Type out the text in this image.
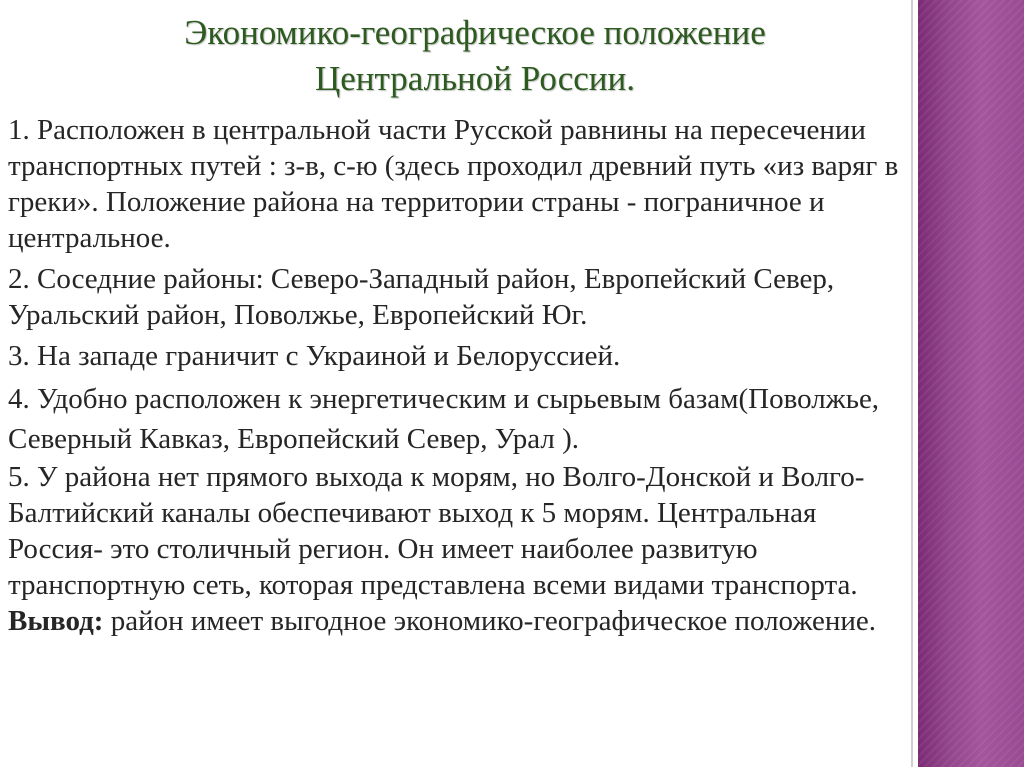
Экономико-географическое положение
Центральной России.

1. Расположен в центральной части Русской равнины на пересечении транспортных путей : з-в, с-ю (здесь проходил древний путь «из варяг в греки». Положение района на территории страны - пограничное и центральное.

2. Соседние районы: Северо-Западный район, Европейский Север, Уральский район, Поволжье, Европейский Юг.

3. На западе граничит с Украиной и Белоруссией.

4. Удобно расположен к энергетическим и сырьевым базам(Поволжье, Северный Кавказ, Европейский Север, Урал ).

5. У района нет прямого выхода к морям, но Волго-Донской и Волго-Балтийский каналы обеспечивают выход к 5 морям. Центральная Россия- это столичный регион. Он имеет наиболее развитую транспортную сеть, которая представлена всеми видами транспорта.

Вывод: район имеет выгодное экономико-географическое положение.
